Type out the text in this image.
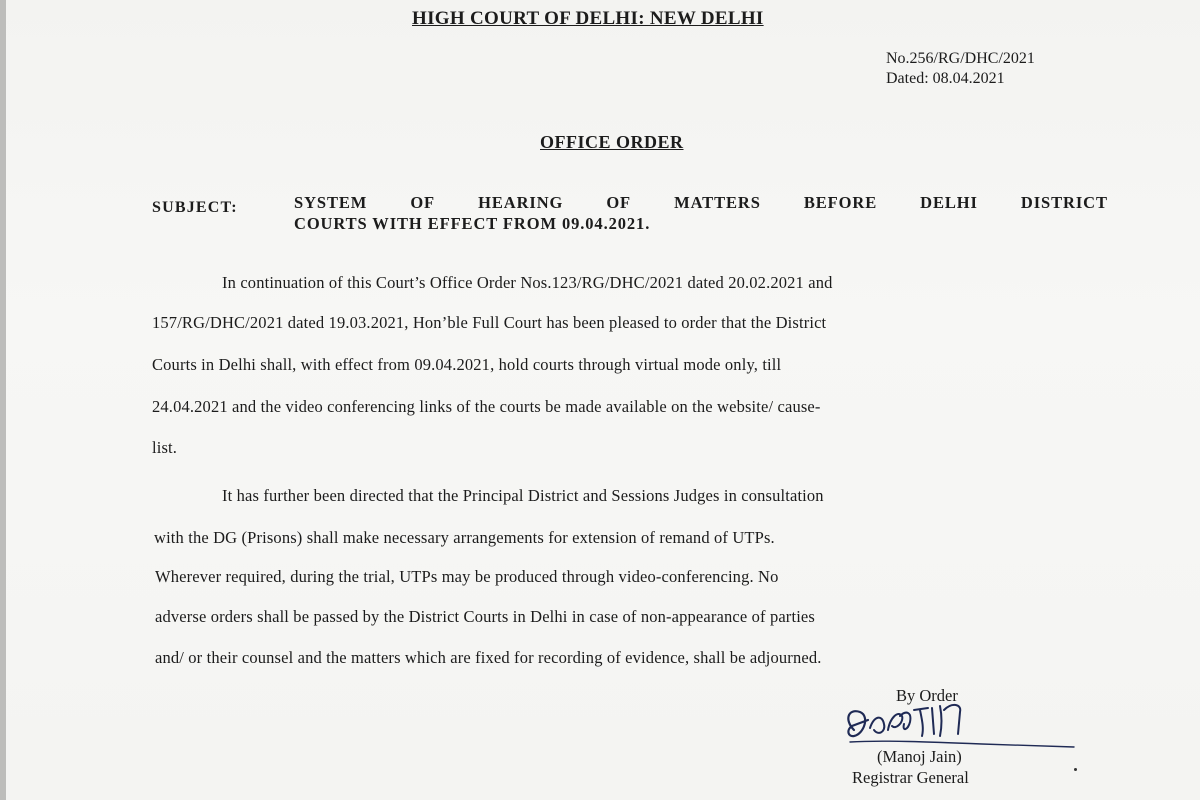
HIGH COURT OF DELHI: NEW DELHI
No.256/RG/DHC/2021
Dated: 08.04.2021
OFFICE ORDER
SUBJECT:	SYSTEM	OF	HEARING	OF	MATTERS	BEFORE	DELHI	DISTRICT
COURTS WITH EFFECT FROM 09.04.2021.
In continuation of this Court’s Office Order Nos.123/RG/DHC/2021 dated 20.02.2021 and
157/RG/DHC/2021 dated 19.03.2021, Hon’ble Full Court has been pleased to order that the District
Courts in Delhi shall, with effect from 09.04.2021, hold courts through virtual mode only, till
24.04.2021 and the video conferencing links of the courts be made available on the website/ cause-
list.
It has further been directed that the Principal District and Sessions Judges in consultation
with the DG (Prisons) shall make necessary arrangements for extension of remand of UTPs.
Wherever required, during the trial, UTPs may be produced through video-conferencing. No
adverse orders shall be passed by the District Courts in Delhi in case of non-appearance of parties
and/ or their counsel and the matters which are fixed for recording of evidence, shall be adjourned.
By Order
(Manoj Jain)
Registrar General
